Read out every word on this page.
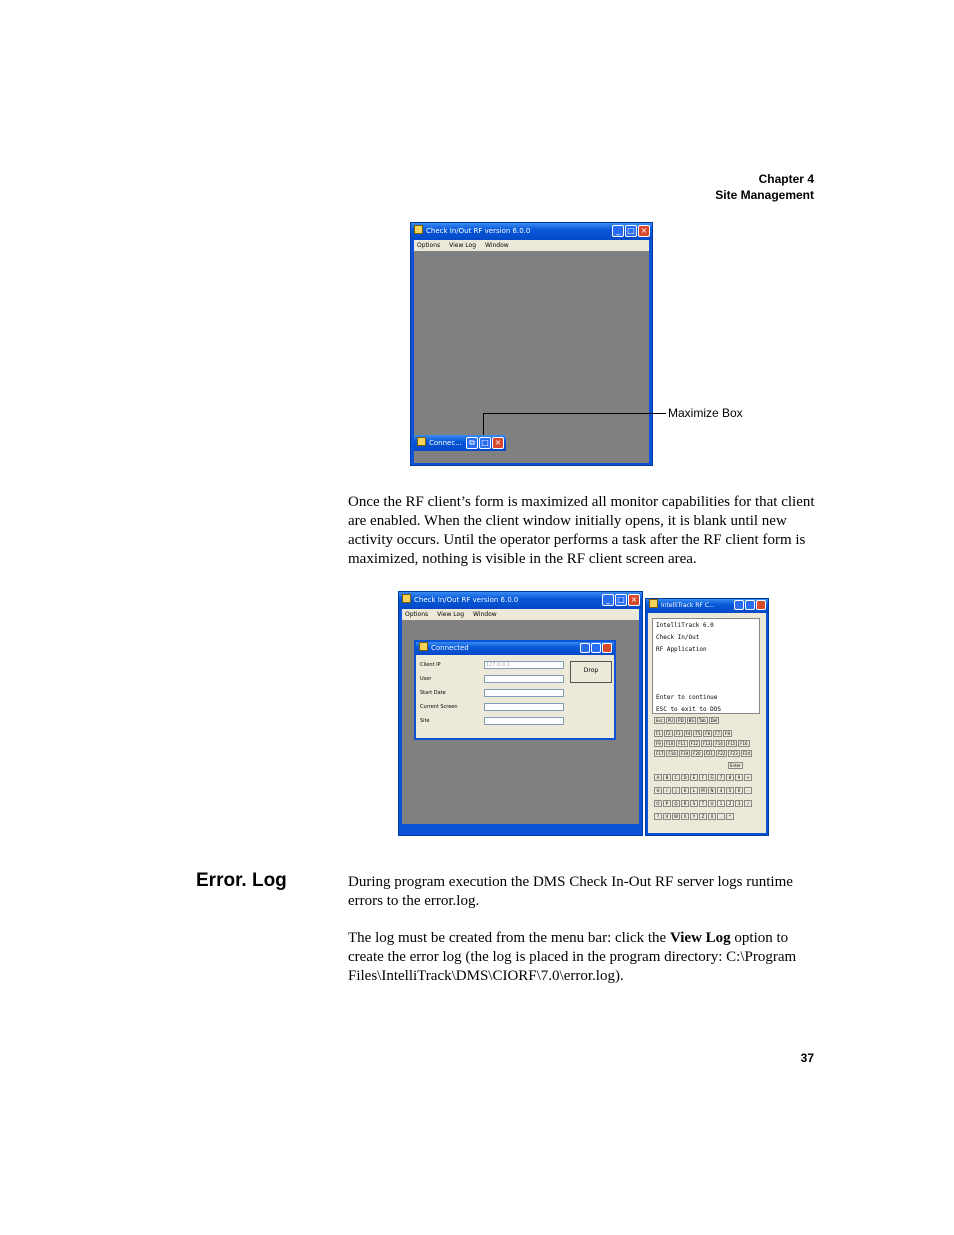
Chapter 4
Site Management
Check In/Out RF version 6.0.0	_ □ ×
Options View Log Window
Connec... ⧉ □ ×
Maximize Box

Once the RF client’s form is maximized all monitor capabilities for that client are enabled. When the client window initially opens, it is blank until new activity occurs. Until the operator performs a task after the RF client form is maximized, nothing is visible in the RF client screen area.

Check In/Out RF version 6.0.0	_ □ ×
Options View Log Window
Connected
Client IP	127.0.0.1
User
Start Date
Current Screen
Site
Drop
IntelliTrack RF C...
IntelliTrack 6.0
Check In/Out
RF Application

Enter to continue
ESC to exit to DOS
Esc	PU	PD	BS	Tab	Del
F1	F2	F3	F4	F5	F6	F7	F8
F9	F10	F11	F12	F13	F14	F15	F16
F17	F18	F19	F20	F21	F22	F23	F24
Enter
A	B	C	D	E	F	G	7	8	9	+
H	I	J	K	L	M	N	4	5	6	-
O	P	Q	R	S	T	U	1	2	3	/
?	V	W	X	Y	Z	0	.	*
Error. Log	During program execution the DMS Check In-Out RF server logs runtime errors to the error.log.

The log must be created from the menu bar: click the View Log option to create the error log (the log is placed in the program directory: C:\Program Files\IntelliTrack\DMS\CIORF\7.0\error.log).

37
